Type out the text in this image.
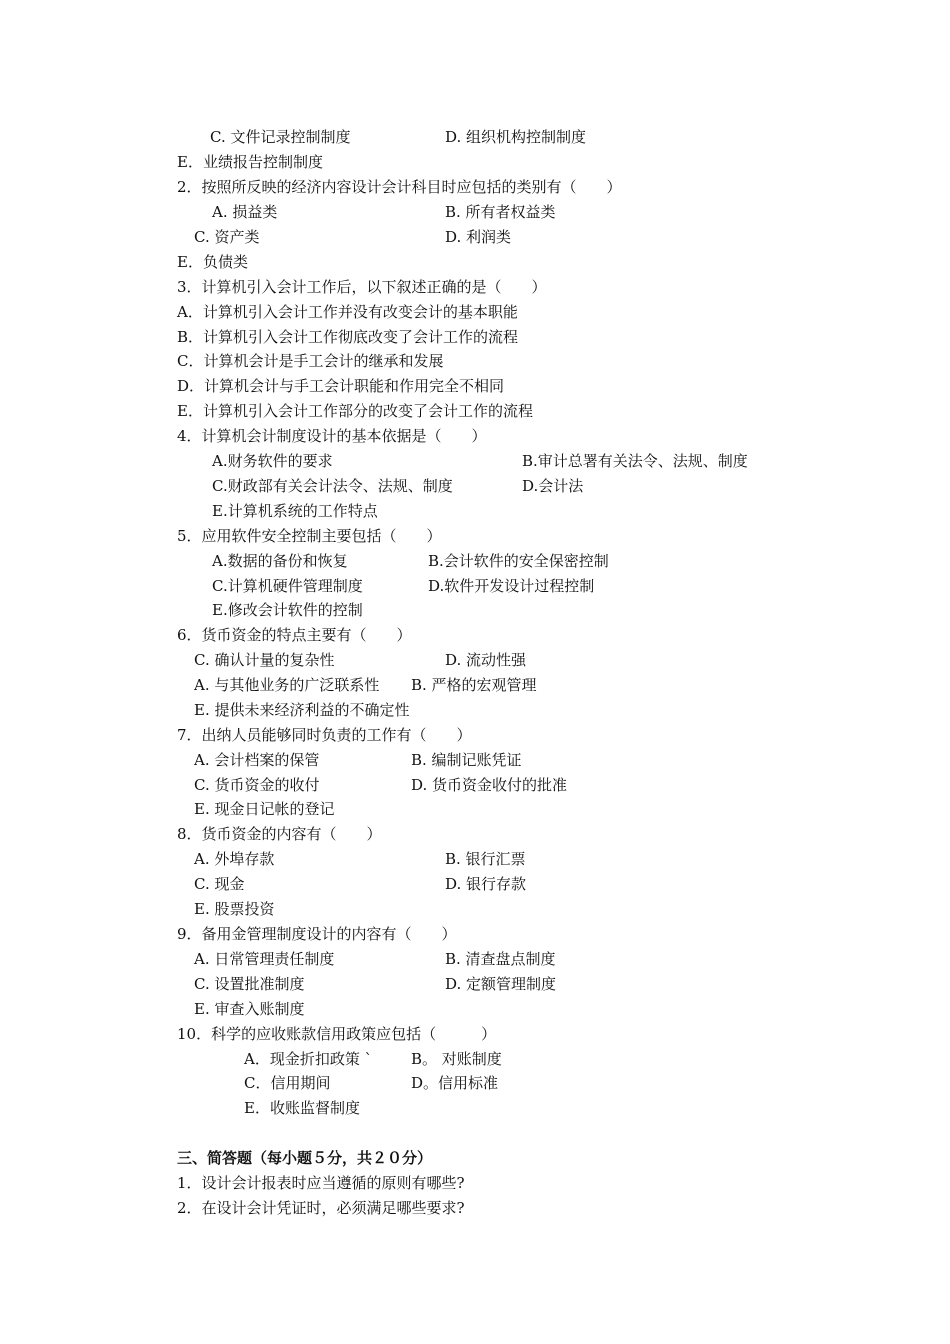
C. 文件记录控制制度	D. 组织机构控制制度
E．业绩报告控制制度
2．按照所反映的经济内容设计会计科目时应包括的类别有（　　）
A. 损益类	B. 所有者权益类
C. 资产类	D. 利润类
E．负债类
3．计算机引入会计工作后，以下叙述正确的是（　　）
A．计算机引入会计工作并没有改变会计的基本职能
B．计算机引入会计工作彻底改变了会计工作的流程
C．计算机会计是手工会计的继承和发展
D．计算机会计与手工会计职能和作用完全不相同
E．计算机引入会计工作部分的改变了会计工作的流程
4．计算机会计制度设计的基本依据是（　　）
A.财务软件的要求	B.审计总署有关法令、法规、制度
C.财政部有关会计法令、法规、制度	D.会计法
E.计算机系统的工作特点
5．应用软件安全控制主要包括（　　）
A.数据的备份和恢复	B.会计软件的安全保密控制
C.计算机硬件管理制度	D.软件开发设计过程控制
E.修改会计软件的控制
6．货币资金的特点主要有（　　）
C. 确认计量的复杂性	D. 流动性强
A. 与其他业务的广泛联系性 B. 严格的宏观管理
E. 提供未来经济利益的不确定性
7．出纳人员能够同时负责的工作有（　　）
A. 会计档案的保管	B. 编制记账凭证
C. 货币资金的收付	D. 货币资金收付的批准
E. 现金日记帐的登记
8．货币资金的内容有（　　）
A. 外埠存款	B. 银行汇票
C. 现金	D. 银行存款
E. 股票投资
9．备用金管理制度设计的内容有（　　）
A. 日常管理责任制度	B. 清查盘点制度
C. 设置批准制度	D. 定额管理制度
E. 审查入账制度
10．科学的应收账款信用政策应包括（　　　）
A．现金折扣政策 `	B。 对账制度
C．信用期间	D。信用标准
E．收账监督制度
三、简答题（每小题５分，共２０分）
1．设计会计报表时应当遵循的原则有哪些?
2．在设计会计凭证时，必须满足哪些要求?
